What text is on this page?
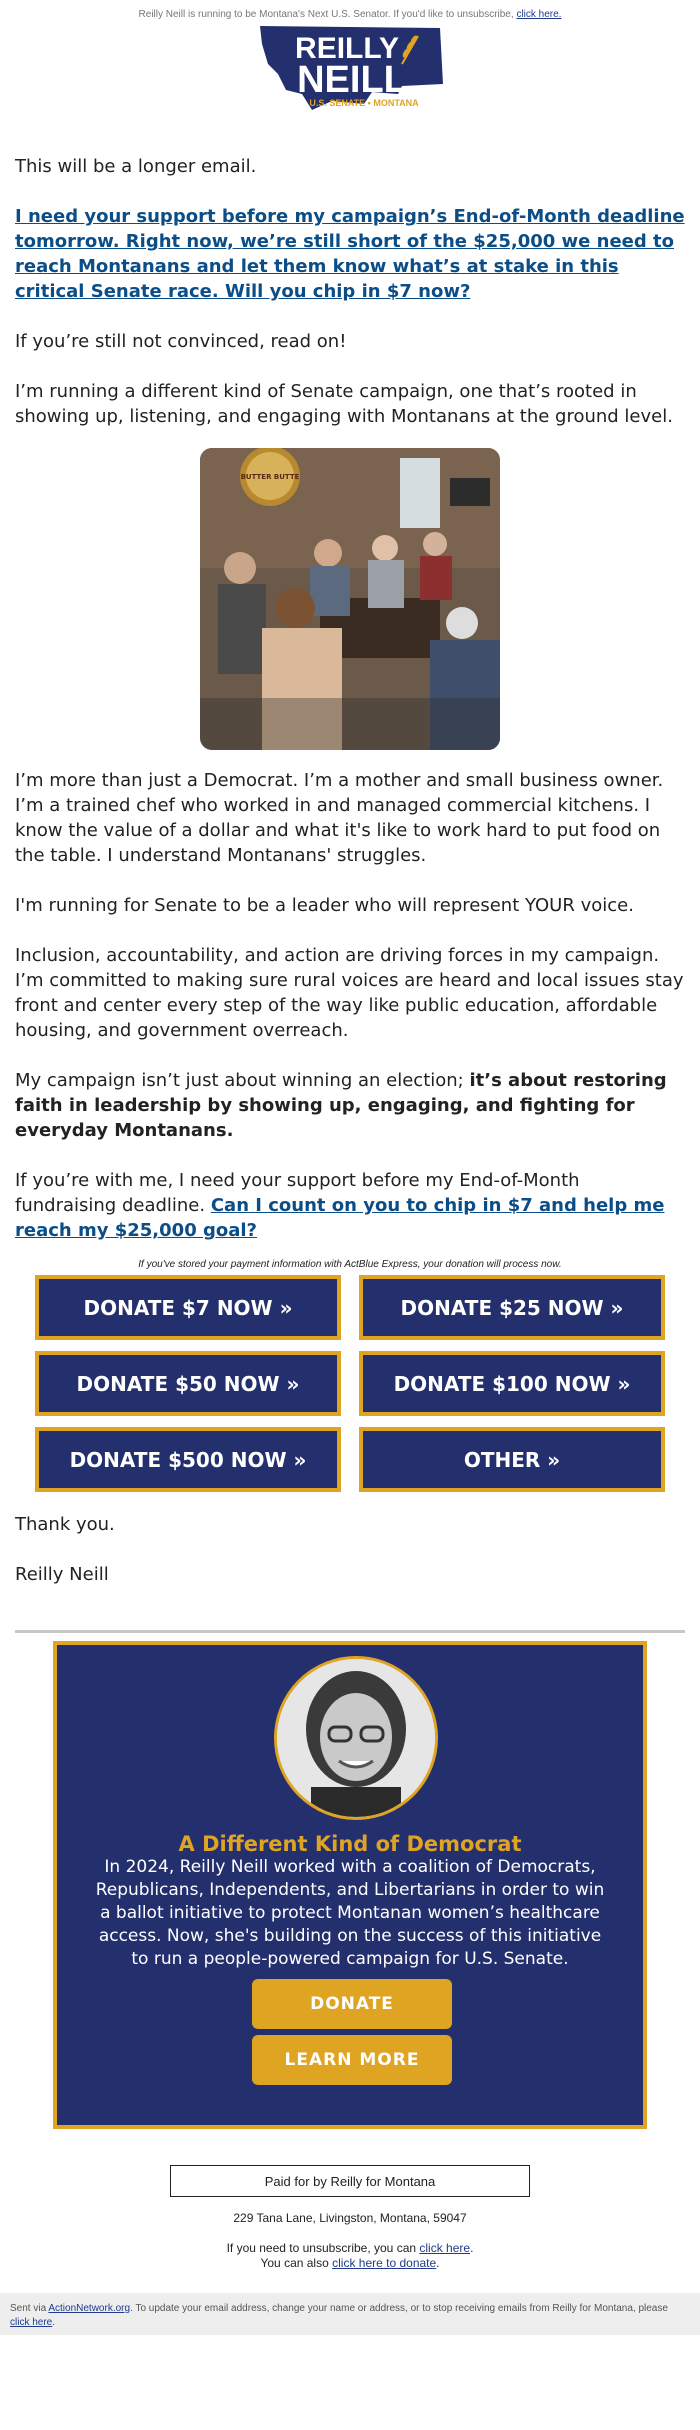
Reilly Neill is running to be Montana's Next U.S. Senator. If you'd like to unsubscribe, click here.
REILLY
NEILL
U.S. SENATE • MONTANA

This will be a longer email.

I need your support before my campaign’s End-of-Month deadline tomorrow. Right now, we’re still short of the $25,000 we need to reach Montanans and let them know what’s at stake in this critical Senate race. Will you chip in $7 now?

If you’re still not convinced, read on!

I’m running a different kind of Senate campaign, one that’s rooted in showing up, listening, and engaging with Montanans at the ground level.

BUTTER BUTTE

I’m more than just a Democrat. I’m a mother and small business owner. I’m a trained chef who worked in and managed commercial kitchens. I know the value of a dollar and what it's like to work hard to put food on the table. I understand Montanans' struggles.

I'm running for Senate to be a leader who will represent YOUR voice.

Inclusion, accountability, and action are driving forces in my campaign. I’m committed to making sure rural voices are heard and local issues stay front and center every step of the way like public education, affordable housing, and government overreach.

My campaign isn’t just about winning an election; it’s about restoring faith in leadership by showing up, engaging, and fighting for everyday Montanans.

If you’re with me, I need your support before my End-of-Month fundraising deadline. Can I count on you to chip in $7 and help me reach my $25,000 goal?

If you've stored your payment information with ActBlue Express, your donation will process now.
DONATE $7 NOW »	DONATE $25 NOW »
DONATE $50 NOW »	DONATE $100 NOW »
DONATE $500 NOW »	OTHER »

Thank you.

Reilly Neill

A Different Kind of Democrat
In 2024, Reilly Neill worked with a coalition of Democrats, Republicans, Independents, and Libertarians in order to win a ballot initiative to protect Montanan women’s healthcare access. Now, she's building on the success of this initiative to run a people-powered campaign for U.S. Senate.
DONATE
LEARN MORE
Paid for by Reilly for Montana
229 Tana Lane, Livingston, Montana, 59047
If you need to unsubscribe, you can click here.
You can also click here to donate.
Sent via ActionNetwork.org. To update your email address, change your name or address, or to stop receiving emails from Reilly for Montana, please click here.
